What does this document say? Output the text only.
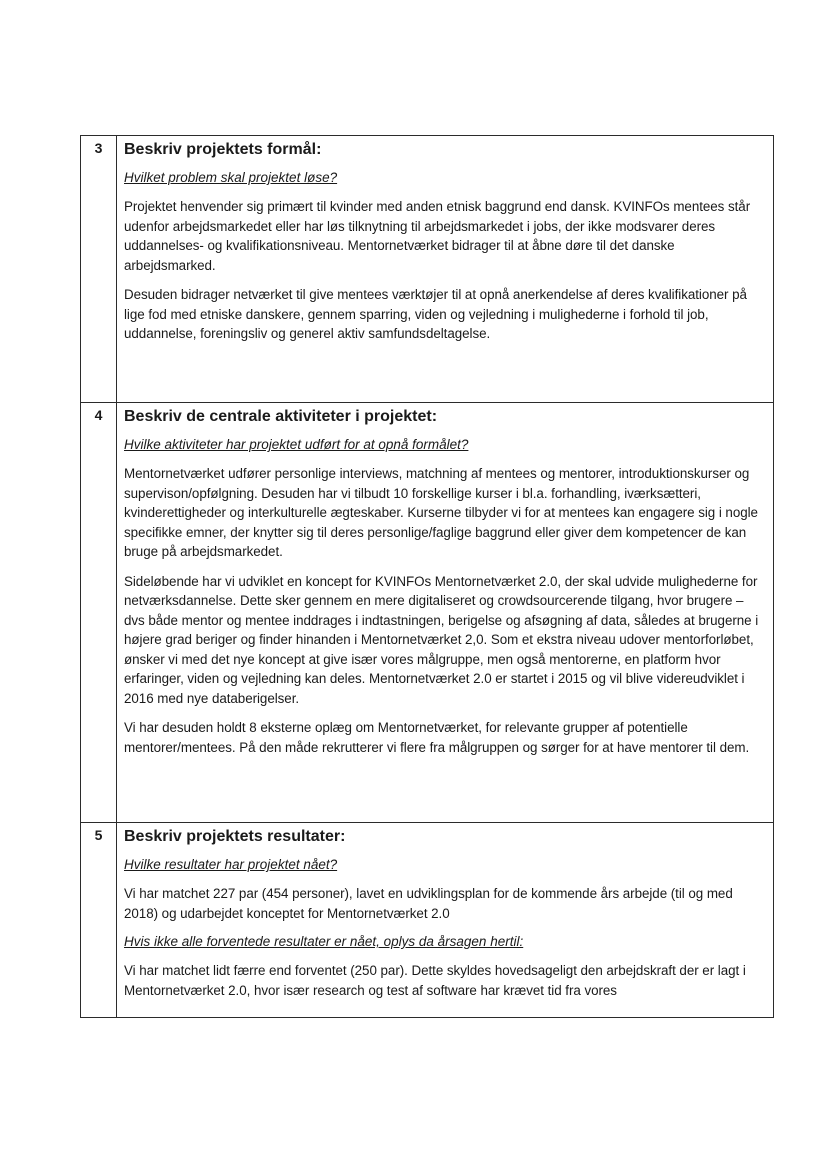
3	Beskriv projektets formål:
Hvilket problem skal projektet løse?

Projektet henvender sig primært til kvinder med anden etnisk baggrund end dansk. KVINFOs mentees står udenfor arbejdsmarkedet eller har løs tilknytning til arbejdsmarkedet i jobs, der ikke modsvarer deres uddannelses- og kvalifikationsniveau. Mentornetværket bidrager til at åbne døre til det danske arbejdsmarked.

Desuden bidrager netværket til give mentees værktøjer til at opnå anerkendelse af deres kvalifikationer på lige fod med etniske danskere, gennem sparring, viden og vejledning i mulighederne i forhold til job, uddannelse, foreningsliv og generel aktiv samfundsdeltagelse.

4	Beskriv de centrale aktiviteter i projektet:
Hvilke aktiviteter har projektet udført for at opnå formålet?

Mentornetværket udfører personlige interviews, matchning af mentees og mentorer, introduktionskurser og supervison/opfølgning. Desuden har vi tilbudt 10 forskellige kurser i bl.a. forhandling, iværksætteri, kvinderettigheder og interkulturelle ægteskaber. Kurserne tilbyder vi for at mentees kan engagere sig i nogle specifikke emner, der knytter sig til deres personlige/faglige baggrund eller giver dem kompetencer de kan bruge på arbejdsmarkedet.

Sideløbende har vi udviklet en koncept for KVINFOs Mentornetværket 2.0, der skal udvide mulighederne for netværksdannelse. Dette sker gennem en mere digitaliseret og crowdsourcerende tilgang, hvor brugere – dvs både mentor og mentee inddrages i indtastningen, berigelse og afsøgning af data, således at brugerne i højere grad beriger og finder hinanden i Mentornetværket 2,0. Som et ekstra niveau udover mentorforløbet, ønsker vi med det nye koncept at give især vores målgruppe, men også mentorerne, en platform hvor erfaringer, viden og vejledning kan deles. Mentornetværket 2.0 er startet i 2015 og vil blive videreudviklet i 2016 med nye databerigelser.

Vi har desuden holdt 8 eksterne oplæg om Mentornetværket, for relevante grupper af potentielle mentorer/mentees. På den måde rekrutterer vi flere fra målgruppen og sørger for at have mentorer til dem.

5	Beskriv projektets resultater:
Hvilke resultater har projektet nået?

Vi har matchet 227 par (454 personer), lavet en udviklingsplan for de kommende års arbejde (til og med 2018) og udarbejdet konceptet for Mentornetværket 2.0

Hvis ikke alle forventede resultater er nået, oplys da årsagen hertil:

Vi har matchet lidt færre end forventet (250 par). Dette skyldes hovedsageligt den arbejdskraft der er lagt i Mentornetværket 2.0, hvor især research og test af software har krævet tid fra vores
